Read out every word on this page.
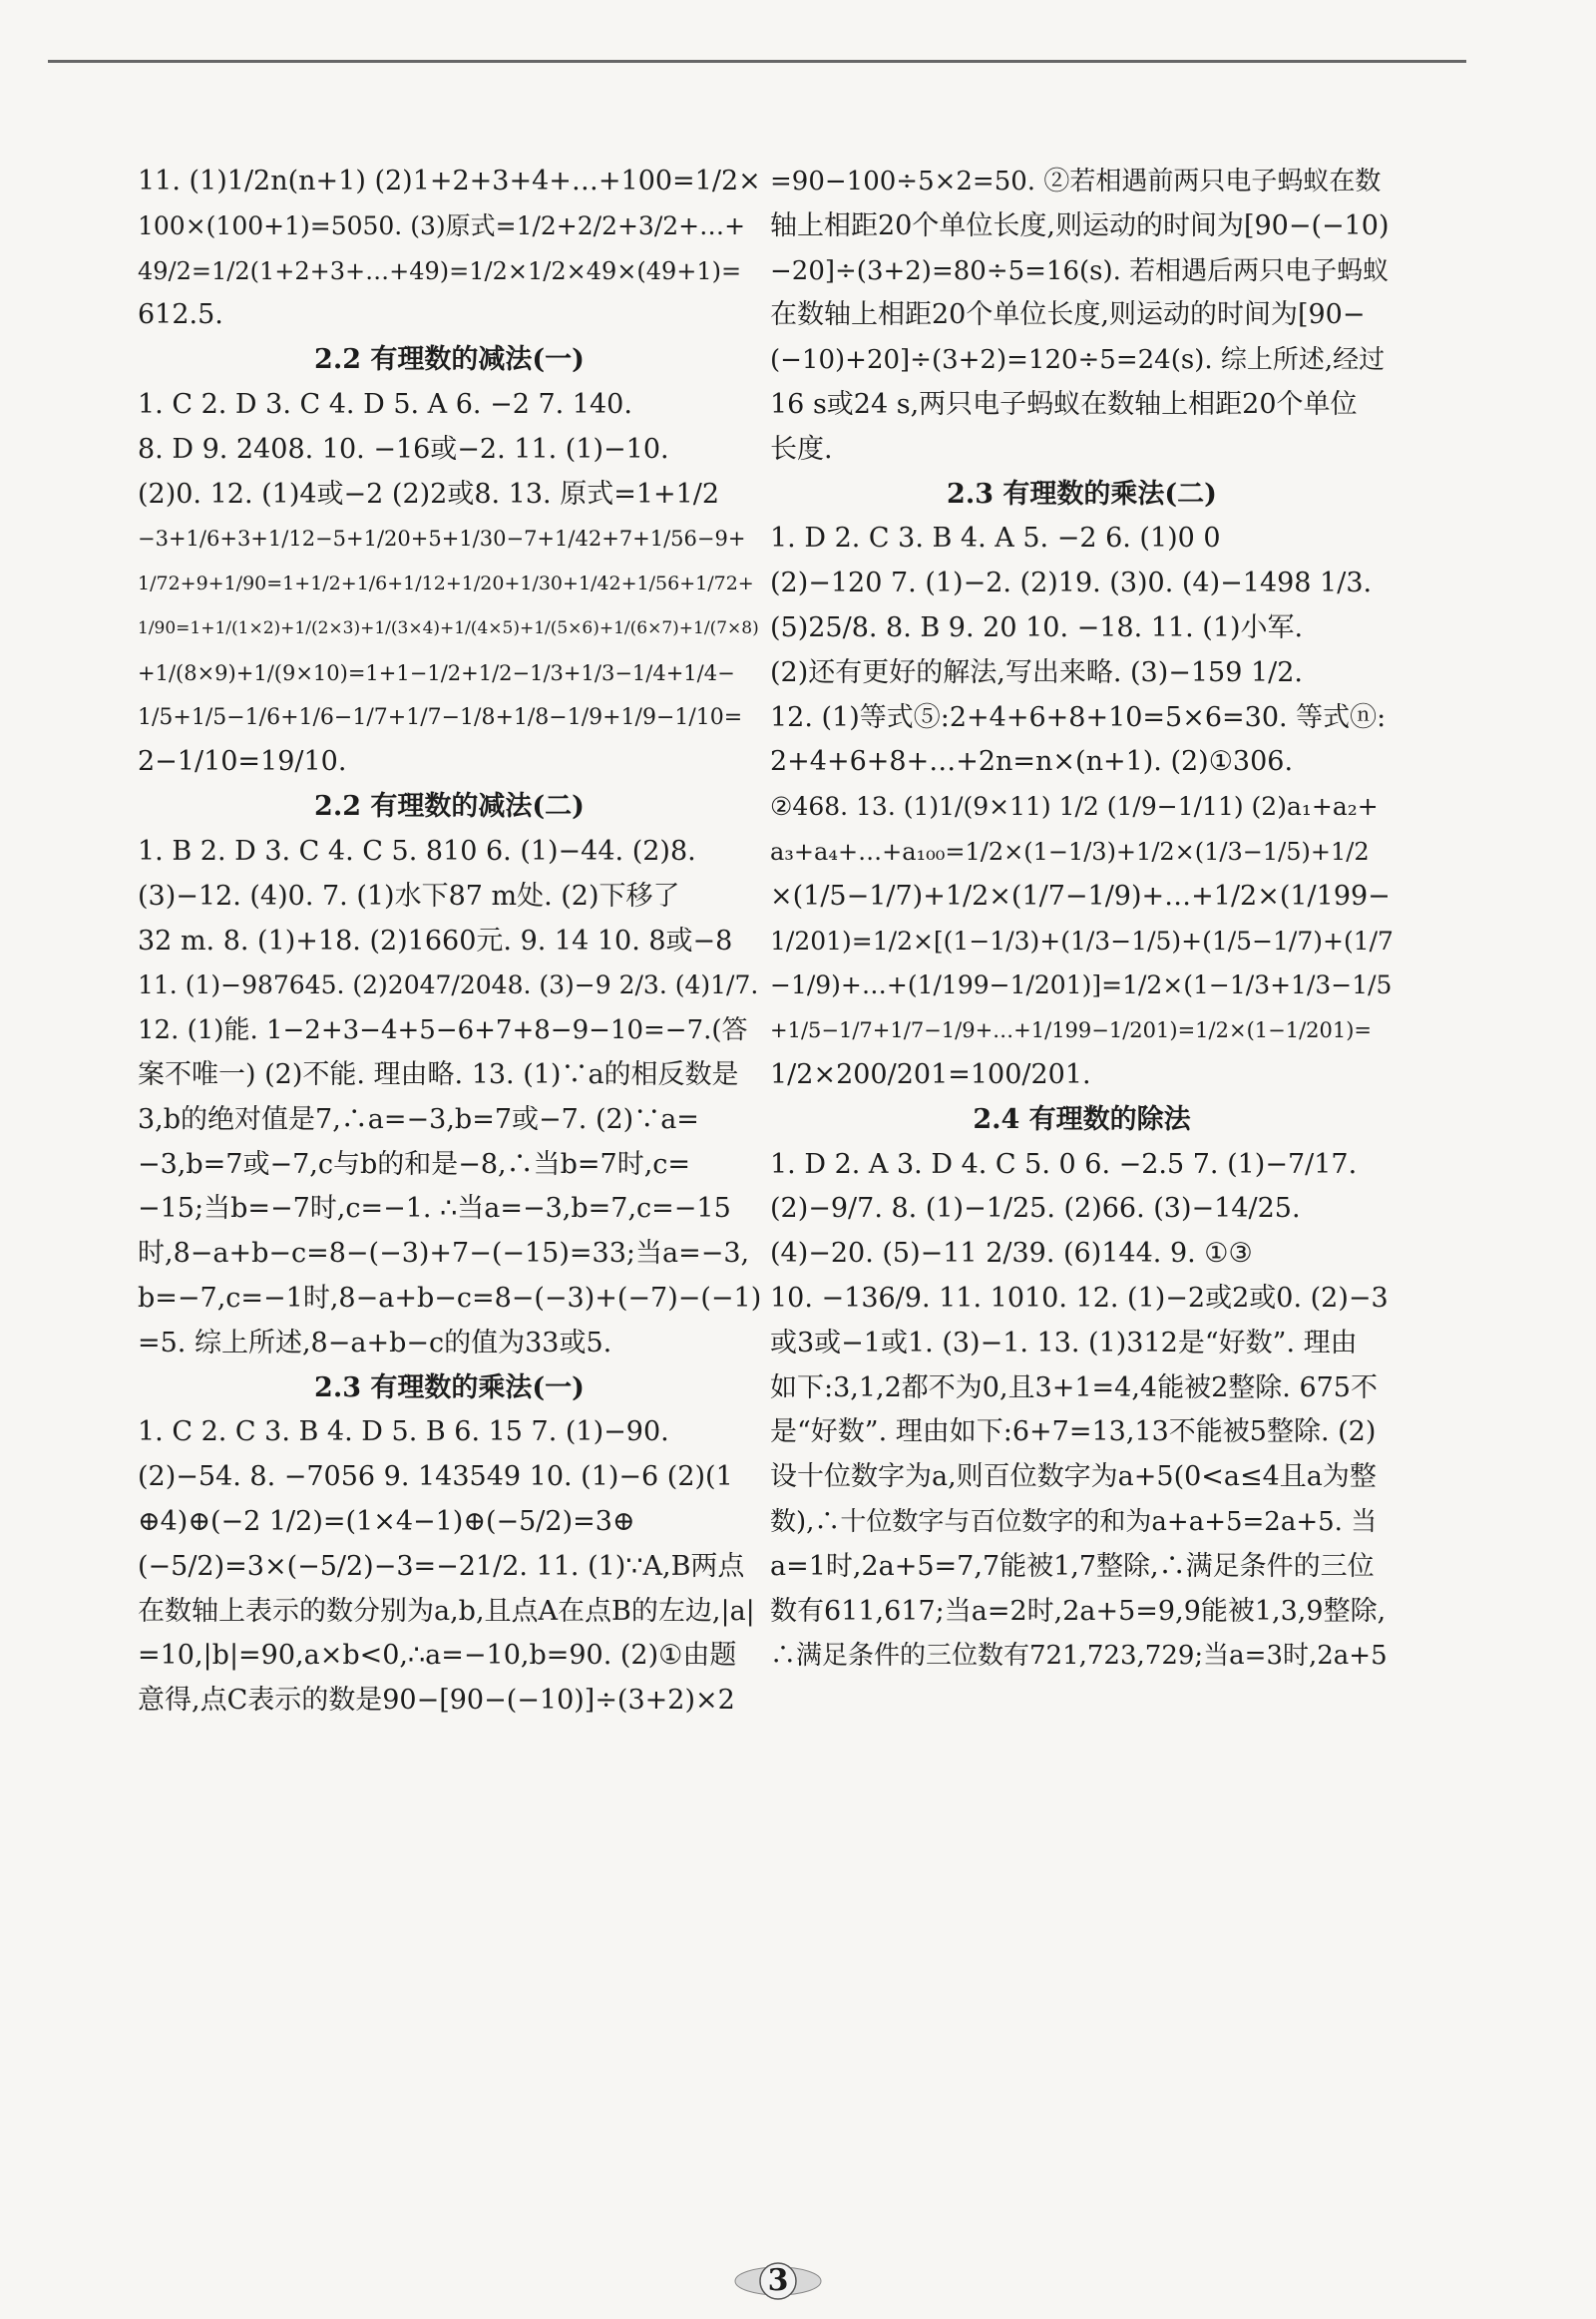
11. (1)1/2n(n+1) (2)1+2+3+4+…+100=1/2×
100×(100+1)=5050. (3)原式=1/2+2/2+3/2+…+
49/2=1/2(1+2+3+…+49)=1/2×1/2×49×(49+1)=
612.5.
2.2 有理数的减法(一)
1. C 2. D 3. C 4. D 5. A 6. −2 7. 140.
8. D 9. 2408. 10. −16或−2. 11. (1)−10.
(2)0. 12. (1)4或−2 (2)2或8. 13. 原式=1+1/2
−3+1/6+3+1/12−5+1/20+5+1/30−7+1/42+7+1/56−9+
1/72+9+1/90=1+1/2+1/6+1/12+1/20+1/30+1/42+1/56+1/72+
1/90=1+1/(1×2)+1/(2×3)+1/(3×4)+1/(4×5)+1/(5×6)+1/(6×7)+1/(7×8)
+1/(8×9)+1/(9×10)=1+1−1/2+1/2−1/3+1/3−1/4+1/4−
1/5+1/5−1/6+1/6−1/7+1/7−1/8+1/8−1/9+1/9−1/10=
2−1/10=19/10.
2.2 有理数的减法(二)
1. B 2. D 3. C 4. C 5. 810 6. (1)−44. (2)8.
(3)−12. (4)0. 7. (1)水下87 m处. (2)下移了
32 m. 8. (1)+18. (2)1660元. 9. 14 10. 8或−8
11. (1)−987645. (2)2047/2048. (3)−9 2/3. (4)1/7.
12. (1)能. 1−2+3−4+5−6+7+8−9−10=−7.(答
案不唯一) (2)不能. 理由略. 13. (1)∵a的相反数是
3,b的绝对值是7,∴a=−3,b=7或−7. (2)∵a=
−3,b=7或−7,c与b的和是−8,∴当b=7时,c=
−15;当b=−7时,c=−1. ∴当a=−3,b=7,c=−15
时,8−a+b−c=8−(−3)+7−(−15)=33;当a=−3,
b=−7,c=−1时,8−a+b−c=8−(−3)+(−7)−(−1)
=5. 综上所述,8−a+b−c的值为33或5.
2.3 有理数的乘法(一)
1. C 2. C 3. B 4. D 5. B 6. 15 7. (1)−90.
(2)−54. 8. −7056 9. 143549 10. (1)−6 (2)(1
⊕4)⊕(−2 1/2)=(1×4−1)⊕(−5/2)=3⊕
(−5/2)=3×(−5/2)−3=−21/2. 11. (1)∵A,B两点
在数轴上表示的数分别为a,b,且点A在点B的左边,|a|
=10,|b|=90,a×b<0,∴a=−10,b=90. (2)①由题
意得,点C表示的数是90−[90−(−10)]÷(3+2)×2
=90−100÷5×2=50. ②若相遇前两只电子蚂蚁在数
轴上相距20个单位长度,则运动的时间为[90−(−10)
−20]÷(3+2)=80÷5=16(s). 若相遇后两只电子蚂蚁
在数轴上相距20个单位长度,则运动的时间为[90−
(−10)+20]÷(3+2)=120÷5=24(s). 综上所述,经过
16 s或24 s,两只电子蚂蚁在数轴上相距20个单位
长度.
2.3 有理数的乘法(二)
1. D 2. C 3. B 4. A 5. −2 6. (1)0 0
(2)−120 7. (1)−2. (2)19. (3)0. (4)−1498 1/3.
(5)25/8. 8. B 9. 20 10. −18. 11. (1)小军.
(2)还有更好的解法,写出来略. (3)−159 1/2.
12. (1)等式⑤:2+4+6+8+10=5×6=30. 等式ⓝ:
2+4+6+8+…+2n=n×(n+1). (2)①306.
②468. 13. (1)1/(9×11) 1/2 (1/9−1/11) (2)a₁+a₂+
a₃+a₄+…+a₁₀₀=1/2×(1−1/3)+1/2×(1/3−1/5)+1/2
×(1/5−1/7)+1/2×(1/7−1/9)+…+1/2×(1/199−
1/201)=1/2×[(1−1/3)+(1/3−1/5)+(1/5−1/7)+(1/7
−1/9)+…+(1/199−1/201)]=1/2×(1−1/3+1/3−1/5
+1/5−1/7+1/7−1/9+…+1/199−1/201)=1/2×(1−1/201)=
1/2×200/201=100/201.
2.4 有理数的除法
1. D 2. A 3. D 4. C 5. 0 6. −2.5 7. (1)−7/17.
(2)−9/7. 8. (1)−1/25. (2)66. (3)−14/25.
(4)−20. (5)−11 2/39. (6)144. 9. ①③
10. −136/9. 11. 1010. 12. (1)−2或2或0. (2)−3
或3或−1或1. (3)−1. 13. (1)312是“好数”. 理由
如下:3,1,2都不为0,且3+1=4,4能被2整除. 675不
是“好数”. 理由如下:6+7=13,13不能被5整除. (2)
设十位数字为a,则百位数字为a+5(0<a≤4且a为整
数),∴十位数字与百位数字的和为a+a+5=2a+5. 当
a=1时,2a+5=7,7能被1,7整除,∴满足条件的三位
数有611,617;当a=2时,2a+5=9,9能被1,3,9整除,
∴满足条件的三位数有721,723,729;当a=3时,2a+5
3
